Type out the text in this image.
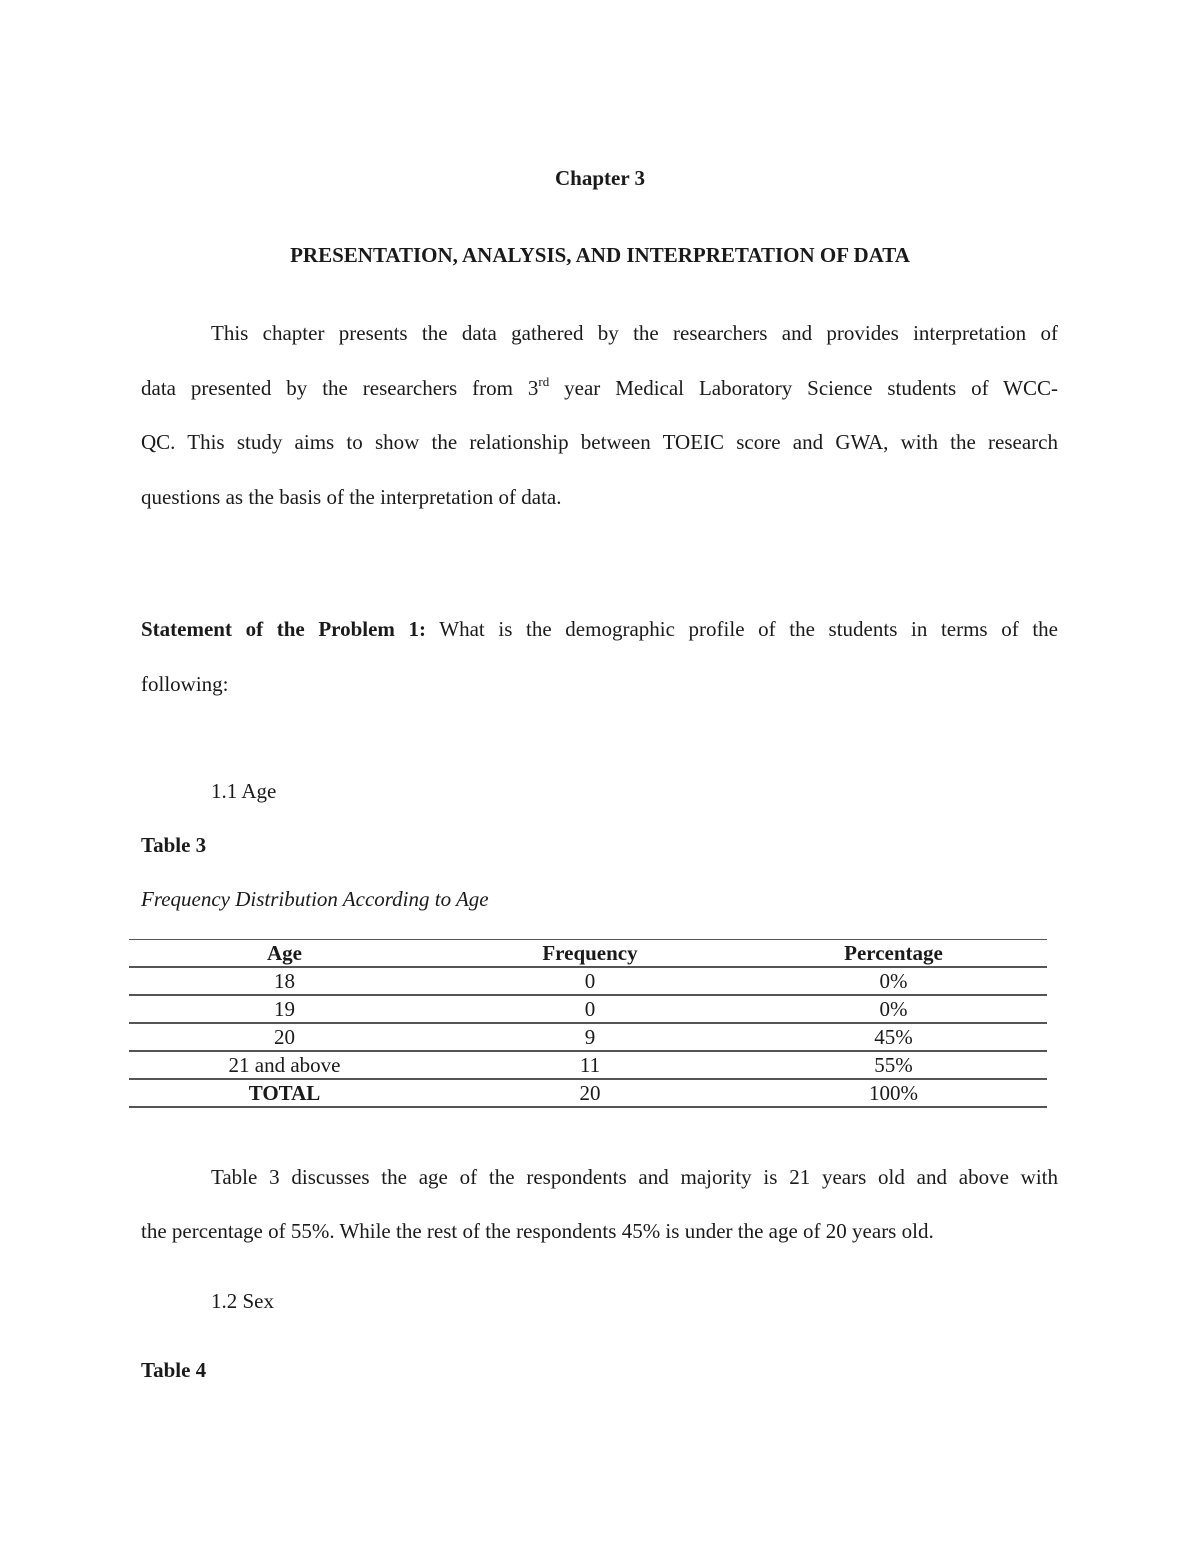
Chapter 3

PRESENTATION, ANALYSIS, AND INTERPRETATION OF DATA

This chapter presents the data gathered by the researchers and provides interpretation of

data presented by the researchers from 3rd year Medical Laboratory Science students of WCC-

QC. This study aims to show the relationship between TOEIC score and GWA, with the research

questions as the basis of the interpretation of data.

Statement of the Problem 1: What is the demographic profile of the students in terms of the

following:

1.1 Age

Table 3

Frequency Distribution According to Age

Age	Frequency	Percentage
18	0	0%
19	0	0%
20	9	45%
21 and above	11	55%
TOTAL	20	100%

Table 3 discusses the age of the respondents and majority is 21 years old and above with

the percentage of 55%. While the rest of the respondents 45% is under the age of 20 years old.

1.2 Sex

Table 4
